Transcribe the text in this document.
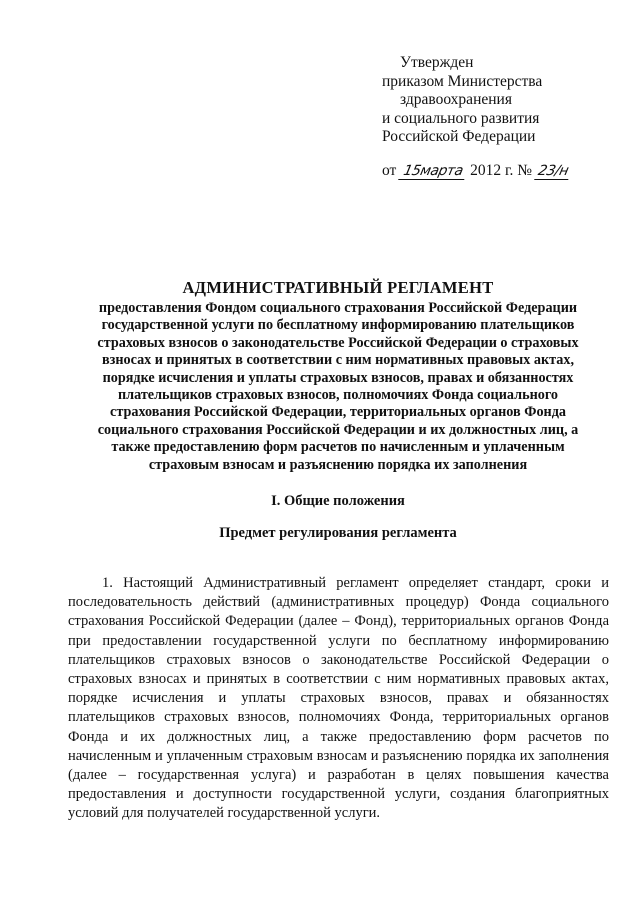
Утвержден
приказом Министерства
здравоохранения
и социального развития
Российской Федерации
от 15марта 2012 г. № 23/н
АДМИНИСТРАТИВНЫЙ РЕГЛАМЕНТ
предоставления Фондом социального страхования Российской Федерации
государственной услуги по бесплатному информированию плательщиков
страховых взносов о законодательстве Российской Федерации о страховых
взносах и принятых в соответствии с ним нормативных правовых актах,
порядке исчисления и уплаты страховых взносов, правах и обязанностях
плательщиков страховых взносов, полномочиях Фонда социального
страхования Российской Федерации, территориальных органов Фонда
социального страхования Российской Федерации и их должностных лиц, а
также предоставлению форм расчетов по начисленным и уплаченным
страховым взносам и разъяснению порядка их заполнения
I. Общие положения
Предмет регулирования регламента

1. Настоящий Административный регламент определяет стандарт, сроки и последовательность действий (административных процедур) Фонда социального страхования Российской Федерации (далее – Фонд), территориальных органов Фонда при предоставлении государственной услуги по бесплатному информированию плательщиков страховых взносов о законодательстве Российской Федерации о страховых взносах и принятых в соответствии с ним нормативных правовых актах, порядке исчисления и уплаты страховых взносов, правах и обязанностях плательщиков страховых взносов, полномочиях Фонда, территориальных органов Фонда и их должностных лиц, а также предоставлению форм расчетов по начисленным и уплаченным страховым взносам и разъяснению порядка их заполнения (далее – государственная услуга) и разработан в целях повышения качества предоставления и доступности государственной услуги, создания благоприятных условий для получателей государственной услуги.
